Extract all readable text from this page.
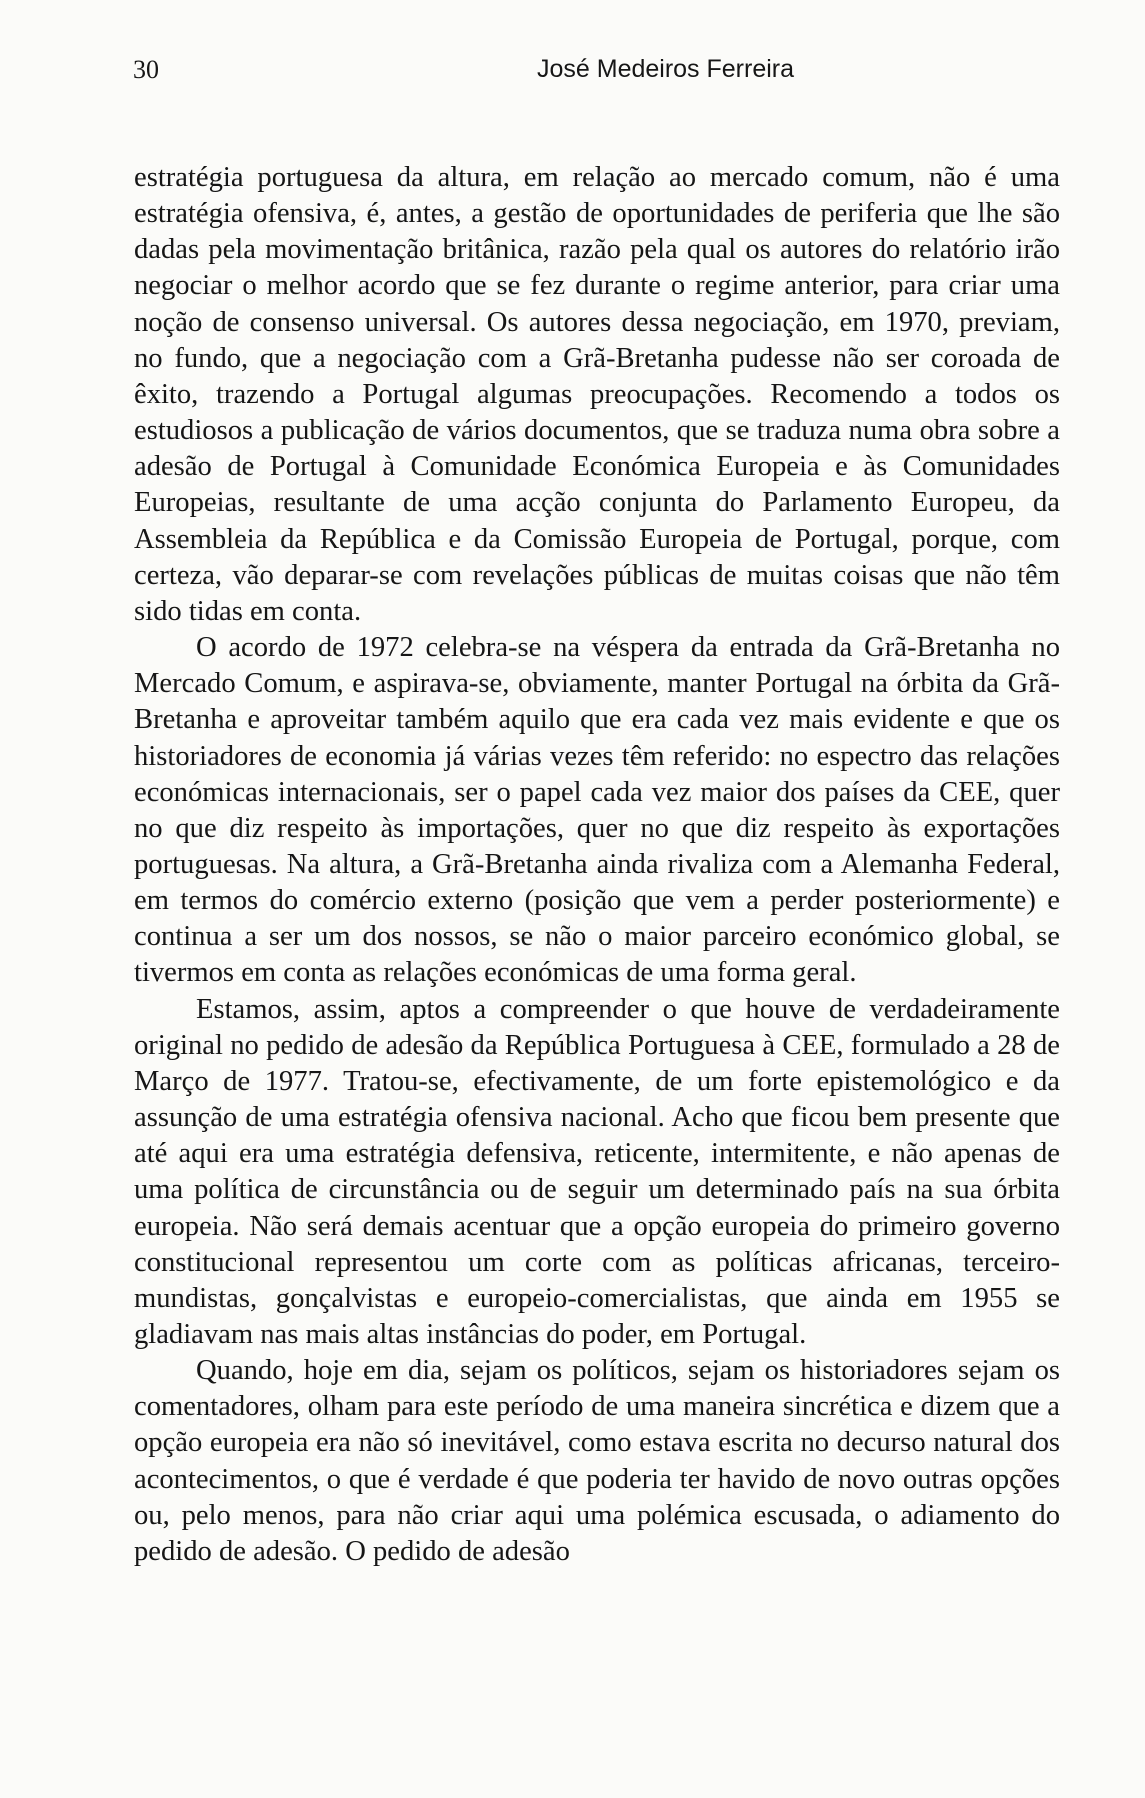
30	José Medeiros Ferreira

estratégia portuguesa da altura, em relação ao mercado comum, não é uma estratégia ofensiva, é, antes, a gestão de oportunidades de periferia que lhe são dadas pela movimentação britânica, razão pela qual os autores do relatório irão negociar o melhor acordo que se fez durante o regime anterior, para criar uma noção de consenso universal. Os autores dessa negociação, em 1970, previam, no fundo, que a negociação com a Grã-Bretanha pudesse não ser coroada de êxito, trazendo a Portugal algumas preocupações. Recomendo a todos os estudiosos a publicação de vários documentos, que se traduza numa obra sobre a adesão de Portugal à Comunidade Económica Europeia e às Comunidades Europeias, resultante de uma acção conjunta do Parlamento Europeu, da Assembleia da República e da Comissão Europeia de Portugal, porque, com certeza, vão deparar-se com revelações públicas de muitas coisas que não têm sido tidas em conta.

O acordo de 1972 celebra-se na véspera da entrada da Grã-Bretanha no Mercado Comum, e aspirava-se, obviamente, manter Portugal na órbita da Grã-Bretanha e aproveitar também aquilo que era cada vez mais evidente e que os historiadores de economia já várias vezes têm referido: no espectro das relações económicas internacionais, ser o papel cada vez maior dos países da CEE, quer no que diz respeito às importações, quer no que diz respeito às exportações portuguesas. Na altura, a Grã-Bretanha ainda rivaliza com a Alemanha Federal, em termos do comércio externo (posição que vem a perder posteriormente) e continua a ser um dos nossos, se não o maior parceiro económico global, se tivermos em conta as relações económicas de uma forma geral.

Estamos, assim, aptos a compreender o que houve de verdadeiramente original no pedido de adesão da República Portuguesa à CEE, formulado a 28 de Março de 1977. Tratou-se, efectivamente, de um forte epistemológico e da assunção de uma estratégia ofensiva nacional. Acho que ficou bem presente que até aqui era uma estratégia defensiva, reticente, intermitente, e não apenas de uma política de circunstância ou de seguir um determinado país na sua órbita europeia. Não será demais acentuar que a opção europeia do primeiro governo constitucional representou um corte com as políticas africanas, terceiro-mundistas, gonçalvistas e europeio-comercialistas, que ainda em 1955 se gladiavam nas mais altas instâncias do poder, em Portugal.

Quando, hoje em dia, sejam os políticos, sejam os historiadores sejam os comentadores, olham para este período de uma maneira sincrética e dizem que a opção europeia era não só inevitável, como estava escrita no decurso natural dos acontecimentos, o que é verdade é que poderia ter havido de novo outras opções ou, pelo menos, para não criar aqui uma polémica escusada, o adiamento do pedido de adesão. O pedido de adesão
